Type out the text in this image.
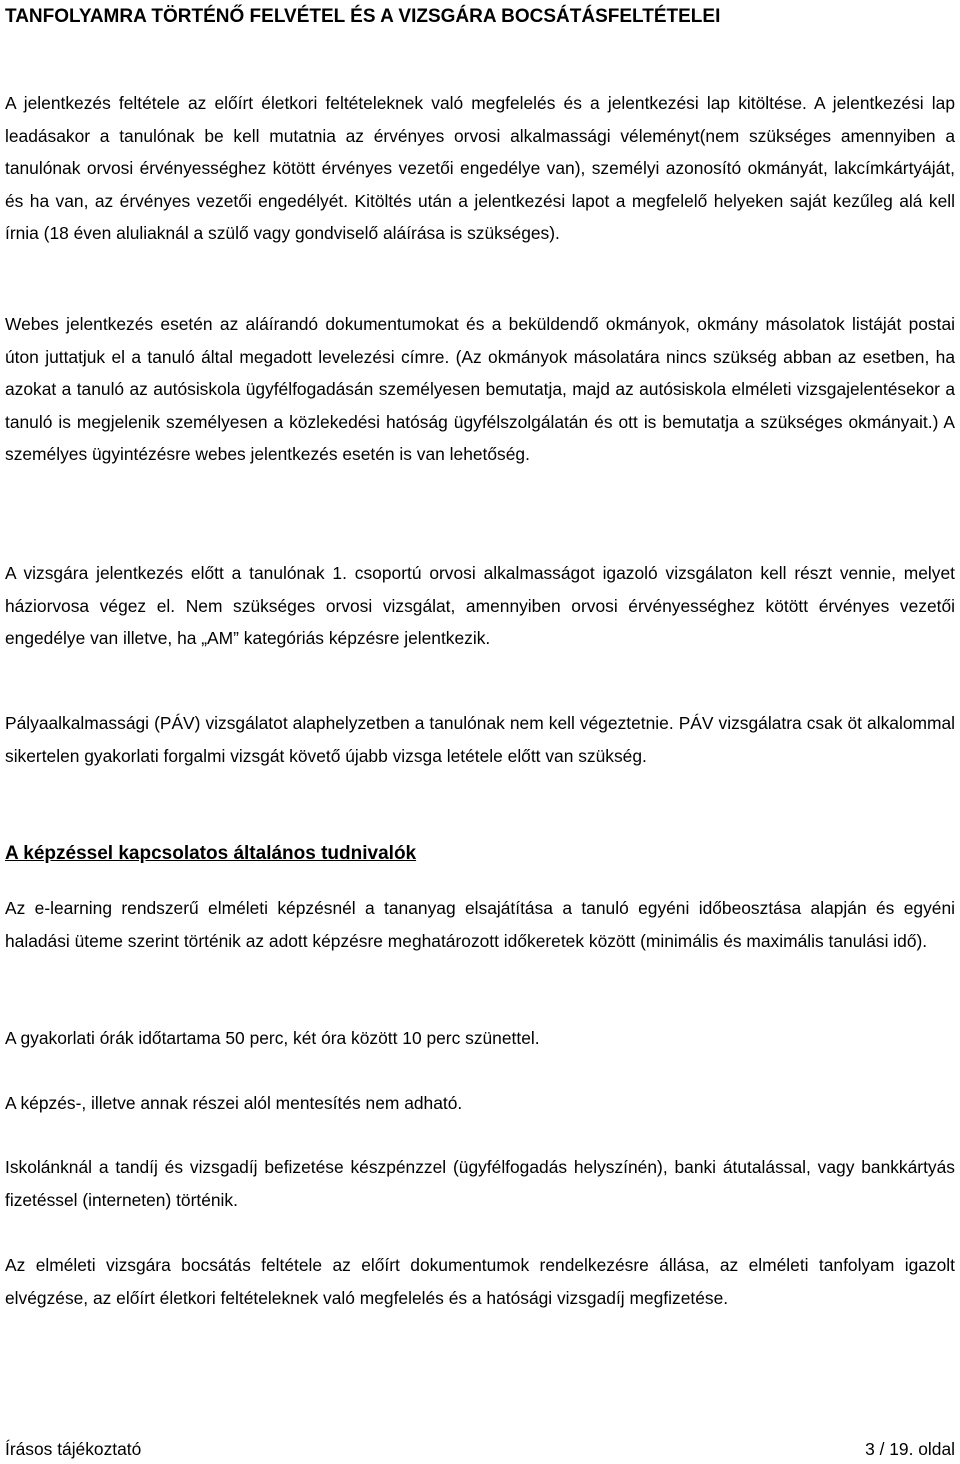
TANFOLYAMRA TÖRTÉNŐ FELVÉTEL ÉS A VIZSGÁRA BOCSÁTÁSFELTÉTELEI

A jelentkezés feltétele az előírt életkori feltételeknek való megfelelés és a jelentkezési lap kitöltése. A jelentkezési lap leadásakor a tanulónak be kell mutatnia az érvényes orvosi alkalmassági véleményt(nem szükséges amennyiben a tanulónak orvosi érvényességhez kötött érvényes vezetői engedélye van), személyi azonosító okmányát, lakcímkártyáját, és ha van, az érvényes vezetői engedélyét. Kitöltés után a jelentkezési lapot a megfelelő helyeken saját kezűleg alá kell írnia (18 éven aluliaknál a szülő vagy gondviselő aláírása is szükséges).

Webes jelentkezés esetén az aláírandó dokumentumokat és a beküldendő okmányok, okmány másolatok listáját postai úton juttatjuk el a tanuló által megadott levelezési címre. (Az okmányok másolatára nincs szükség abban az esetben, ha azokat a tanuló az autósiskola ügyfélfogadásán személyesen bemutatja, majd az autósiskola elméleti vizsgajelentésekor a tanuló is megjelenik személyesen a közlekedési hatóság ügyfélszolgálatán és ott is bemutatja a szükséges okmányait.) A személyes ügyintézésre webes jelentkezés esetén is van lehetőség.

A vizsgára jelentkezés előtt a tanulónak 1. csoportú orvosi alkalmasságot igazoló vizsgálaton kell részt vennie, melyet háziorvosa végez el. Nem szükséges orvosi vizsgálat, amennyiben orvosi érvényességhez kötött érvényes vezetői engedélye van illetve, ha „AM” kategóriás képzésre jelentkezik.

Pályaalkalmassági (PÁV) vizsgálatot alaphelyzetben a tanulónak nem kell végeztetnie. PÁV vizsgálatra csak öt alkalommal sikertelen gyakorlati forgalmi vizsgát követő újabb vizsga letétele előtt van szükség.

A képzéssel kapcsolatos általános tudnivalók

Az e-learning rendszerű elméleti képzésnél a tananyag elsajátítása a tanuló egyéni időbeosztása alapján és egyéni haladási üteme szerint történik az adott képzésre meghatározott időkeretek között (minimális és maximális tanulási idő).

A gyakorlati órák időtartama 50 perc, két óra között 10 perc szünettel.

A képzés-, illetve annak részei alól mentesítés nem adható.

Iskolánknál a tandíj és vizsgadíj befizetése készpénzzel (ügyfélfogadás helyszínén), banki átutalással, vagy bankkártyás fizetéssel (interneten) történik.

Az elméleti vizsgára bocsátás feltétele az előírt dokumentumok rendelkezésre állása, az elméleti tanfolyam igazolt elvégzése, az előírt életkori feltételeknek való megfelelés és a hatósági vizsgadíj megfizetése.

Írásos tájékoztató	3 / 19. oldal
